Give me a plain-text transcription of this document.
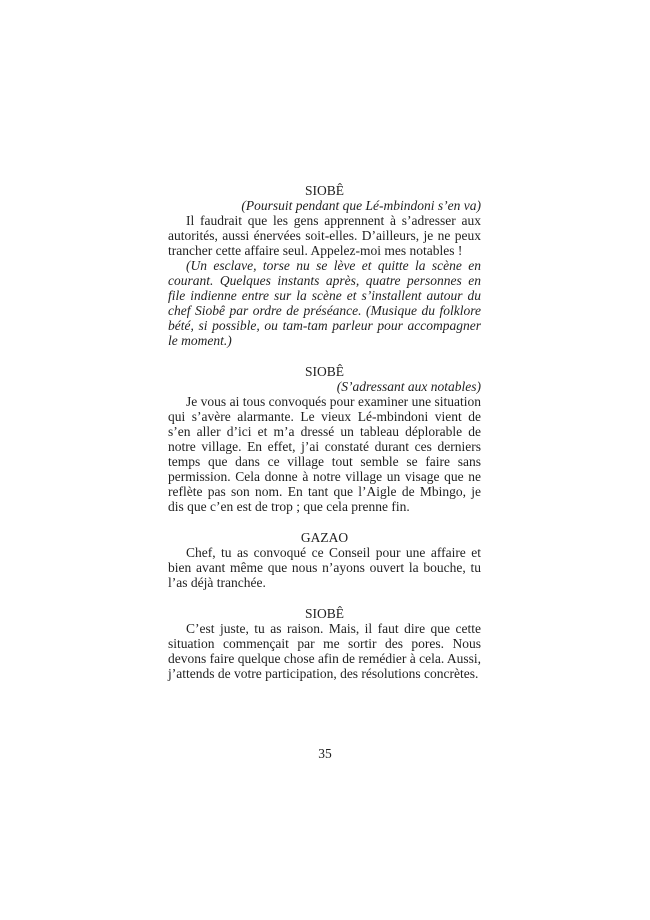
SIOBÊ
(Poursuit pendant que Lé-mbindoni s’en va)

Il faudrait que les gens apprennent à s’adresser aux autorités, aussi énervées soit-elles. D’ailleurs, je ne peux trancher cette affaire seul. Appelez-moi mes notables !

(Un esclave, torse nu se lève et quitte la scène en courant. Quelques instants après, quatre personnes en file indienne entre sur la scène et s’installent autour du chef Siobê par ordre de préséance. (Musique du folklore bété, si possible, ou tam-tam parleur pour accompagner le moment.)

SIOBÊ
(S’adressant aux notables)

Je vous ai tous convoqués pour examiner une situation qui s’avère alarmante. Le vieux Lé-mbindoni vient de s’en aller d’ici et m’a dressé un tableau déplorable de notre village. En effet, j’ai constaté durant ces derniers temps que dans ce village tout semble se faire sans permission. Cela donne à notre village un visage que ne reflète pas son nom. En tant que l’Aigle de Mbingo, je dis que c’en est de trop ; que cela prenne fin.

GAZAO

Chef, tu as convoqué ce Conseil pour une affaire et bien avant même que nous n’ayons ouvert la bouche, tu l’as déjà tranchée.

SIOBÊ

C’est juste, tu as raison. Mais, il faut dire que cette situation commençait par me sortir des pores. Nous devons faire quelque chose afin de remédier à cela. Aussi, j’attends de votre participation, des résolutions concrètes.

35
